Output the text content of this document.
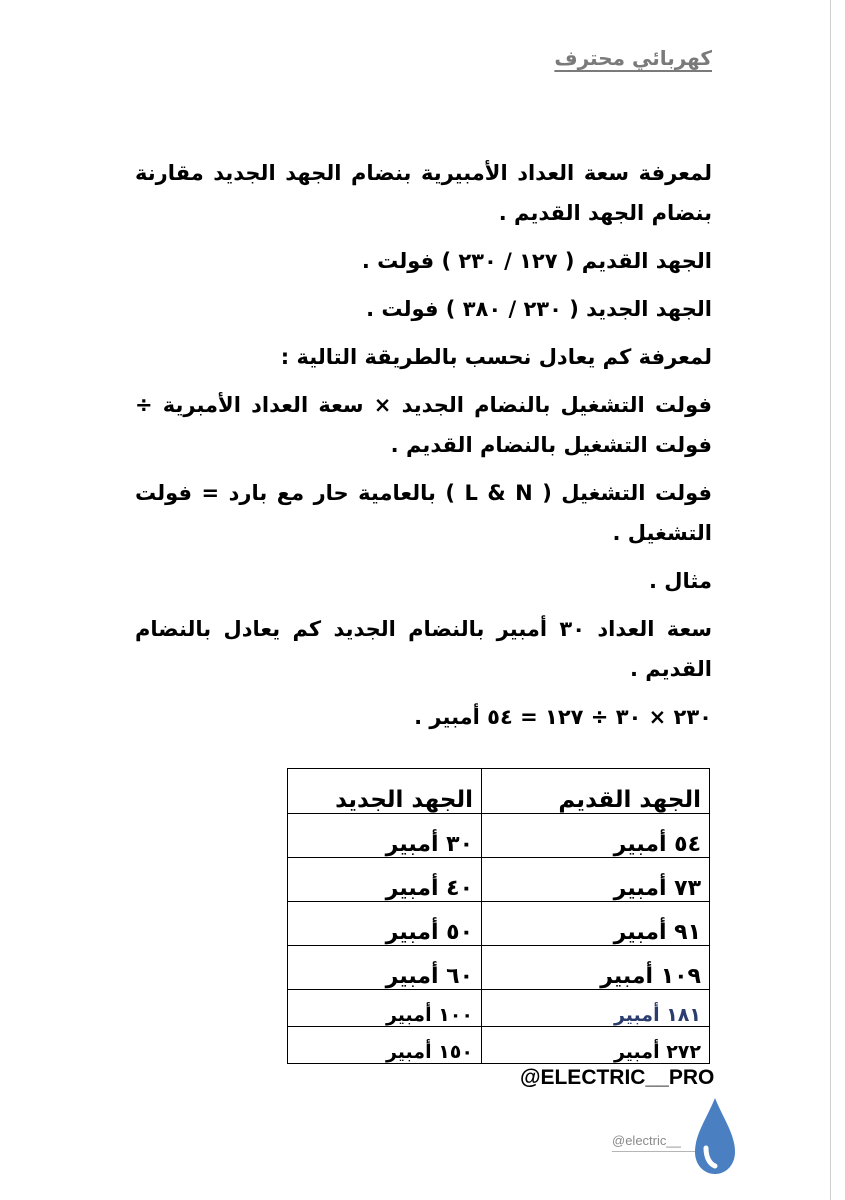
كهربائي محترف

لمعرفة سعة العداد الأمبيرية بنضام الجهد الجديد مقارنة بنضام الجهد القديم .

الجهد القديم ( ١٢٧ / ٢٣٠ ) فولت .

الجهد الجديد ( ٢٣٠ / ٣٨٠ ) فولت .

لمعرفة كم يعادل نحسب بالطريقة التالية :

فولت التشغيل بالنضام الجديد × سعة العداد الأمبرية ÷ فولت التشغيل بالنضام القديم .

فولت التشغيل ( L & N ) بالعامية حار مع بارد = فولت التشغيل .

مثال .

سعة العداد ٣٠ أمبير بالنضام الجديد كم يعادل بالنضام القديم .

٢٣٠ × ٣٠ ÷ ١٢٧ = ٥٤ أمبير .

الجهد القديم	الجهد الجديد
٥٤ أمبير	٣٠ أمبير
٧٣ أمبير	٤٠ أمبير
٩١ أمبير	٥٠ أمبير
١٠٩ أمبير	٦٠ أمبير
١٨١ أمبير	١٠٠ أمبير
٢٧٢ أمبير	١٥٠ أمبير
@ELECTRIC__PRO
@electric__
